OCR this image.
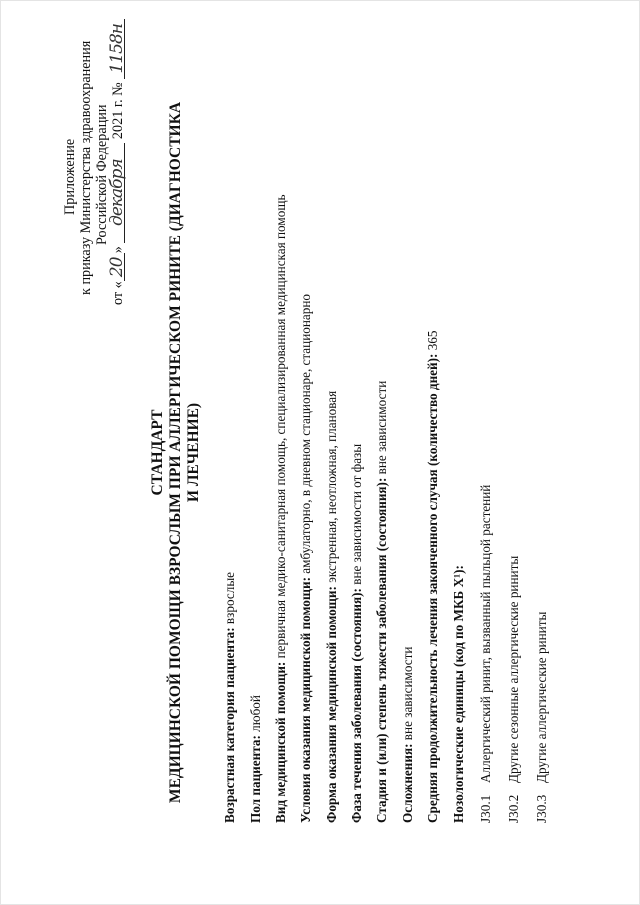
Приложение к приказу Министерства здравоохранения Российской Федерации
от «20» декабря 2021 г. № 1158н
СТАНДАРТ МЕДИЦИНСКОЙ ПОМОЩИ ВЗРОСЛЫМ ПРИ АЛЛЕРГИЧЕСКОМ РИНИТЕ (ДИАГНОСТИКА И ЛЕЧЕНИЕ)
Возрастная категория пациента: взрослые
Пол пациента: любой Вид медицинской помощи: первичная медико-санитарная помощь, специализированная медицинская помощь
Условия оказания медицинской помощи: амбулаторно, в дневном стационаре, стационарно
Форма оказания медицинской помощи: экстренная, неотложная, плановая
Фаза течения заболевания (состояния): вне зависимости от фазы Стадия и (или) степень тяжести заболевания (состояния): вне зависимости
Осложнения: вне зависимости Средняя продолжительность лечения законченного случая (количество дней): 365
Нозологические единицы (код по МКБ X¹):
J30.1Аллергический ринит, вызванный пыльцой растений
J30.2Другие сезонные аллергические риниты
J30.3Другие аллергические риниты
